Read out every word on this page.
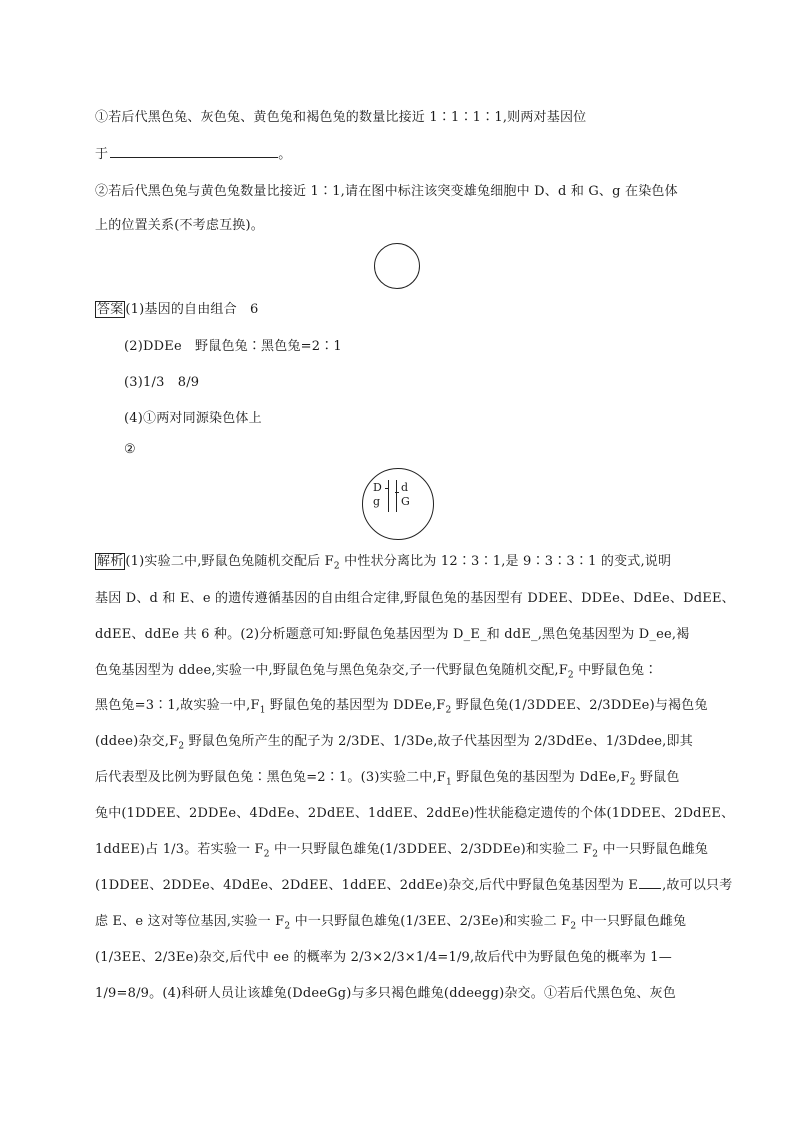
①若后代黑色兔、灰色兔、黄色兔和褐色兔的数量比接近 1∶1∶1∶1,则两对基因位
于	。
②若后代黑色兔与黄色兔数量比接近 1∶1,请在图中标注该突变雄兔细胞中 D、d 和 G、g 在染色体
上的位置关系(不考虑互换)。
答案 (1)基因的自由组合　6
(2)DDEe　野鼠色兔∶黑色兔=2∶1
(3)1/3　8/9
(4)①两对同源染色体上
②
D
g
d
G
解析 (1)实验二中,野鼠色兔随机交配后 $F_2$ 中性状分离比为 12∶3∶1,是 9∶3∶3∶1 的变式,说明
基因 D、d 和 E、e 的遗传遵循基因的自由组合定律,野鼠色兔的基因型有 DDEE、DDEe、DdEe、DdEE、
ddEE、ddEe 共 6 种。(2)分析题意可知:野鼠色兔基因型为 D_E_和 ddE_,黑色兔基因型为 D_ee,褐
色兔基因型为 ddee,实验一中,野鼠色兔与黑色兔杂交,子一代野鼠色兔随机交配$,F_2$ 中野鼠色兔∶
黑色兔=3∶1,故实验一中$,F_1$ 野鼠色兔的基因型为 $DDEe,F_2$ 野鼠色兔(1/3DDEE、2/3DDEe)与褐色兔
(ddee)杂交$,F_2$ 野鼠色兔所产生的配子为 2/3DE、1/3De,故子代基因型为 2/3DdEe、1/3Ddee,即其
后代表型及比例为野鼠色兔∶黑色兔=2∶1。(3)实验二中$,F_1$ 野鼠色兔的基因型为 $DdEe,F_2$ 野鼠色
兔中(1DDEE、2DDEe、4DdEe、2DdEE、1ddEE、2ddEe)性状能稳定遗传的个体(1DDEE、2DdEE、
1ddEE)占 1/3。若实验一 $F_2$ 中一只野鼠色雄兔(1/3DDEE、2/3DDEe)和实验二 $F_2$ 中一只野鼠色雌兔
(1DDEE、2DDEe、4DdEe、2DdEE、1ddEE、2ddEe)杂交,后代中野鼠色兔基因型为 E ,故可以只考
虑 E、e 这对等位基因,实验一 $F_2$ 中一只野鼠色雄兔(1/3EE、2/3Ee)和实验二 $F_2$ 中一只野鼠色雌兔
(1/3EE、2/3Ee)杂交,后代中 ee 的概率为 2/3×2/3×1/4=1/9,故后代中为野鼠色兔的概率为 1—
1/9=8/9。(4)科研人员让该雄兔(DdeeGg)与多只褐色雌兔(ddeegg)杂交。①若后代黑色兔、灰色
